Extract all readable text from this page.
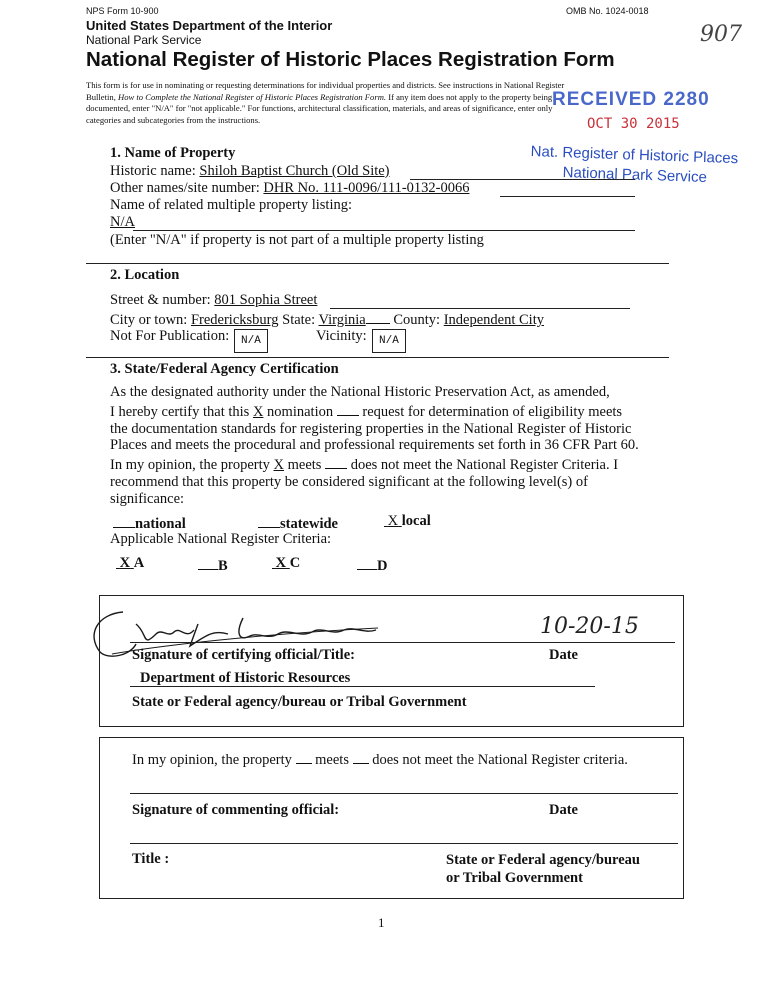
NPS Form 10-900	OMB No. 1024-0018
United States Department of the Interior
National Park Service
National Register of Historic Places Registration Form
907
This form is for use in nominating or requesting determinations for individual properties and districts. See instructions in National Register
Bulletin, How to Complete the National Register of Historic Places Registration Form. If any item does not apply to the property being
documented, enter "N/A" for "not applicable." For functions, architectural classification, materials, and areas of significance, enter only
categories and subcategories from the instructions.
RECEIVED 2280
OCT 30 2015
Nat. Register of Historic Places
National Park Service
1. Name of Property
Historic name: Shiloh Baptist Church (Old Site)
Other names/site number: DHR No. 111-0096/111-0132-0066
Name of related multiple property listing:
N/A
(Enter "N/A" if property is not part of a multiple property listing
2. Location
Street & number: 801 Sophia Street
City or town: Fredericksburg State: Virginia County: Independent City
Not For Publication:	N/A	Vicinity:	N/A
3. State/Federal Agency Certification
As the designated authority under the National Historic Preservation Act, as amended,
I hereby certify that this X nomination  request for determination of eligibility meets
the documentation standards for registering properties in the National Register of Historic
Places and meets the procedural and professional requirements set forth in 36 CFR Part 60.
In my opinion, the property X meets  does not meet the National Register Criteria. I
recommend that this property be considered significant at the following level(s) of
significance:
national	statewide	X local
Applicable National Register Criteria:
X A	B	X C	D
10-20-15
Signature of certifying official/Title:	Date
Department of Historic Resources
State or Federal agency/bureau or Tribal Government
In my opinion, the property  meets  does not meet the National Register criteria.
Signature of commenting official:	Date
Title :	State or Federal agency/bureau
or Tribal Government
1
